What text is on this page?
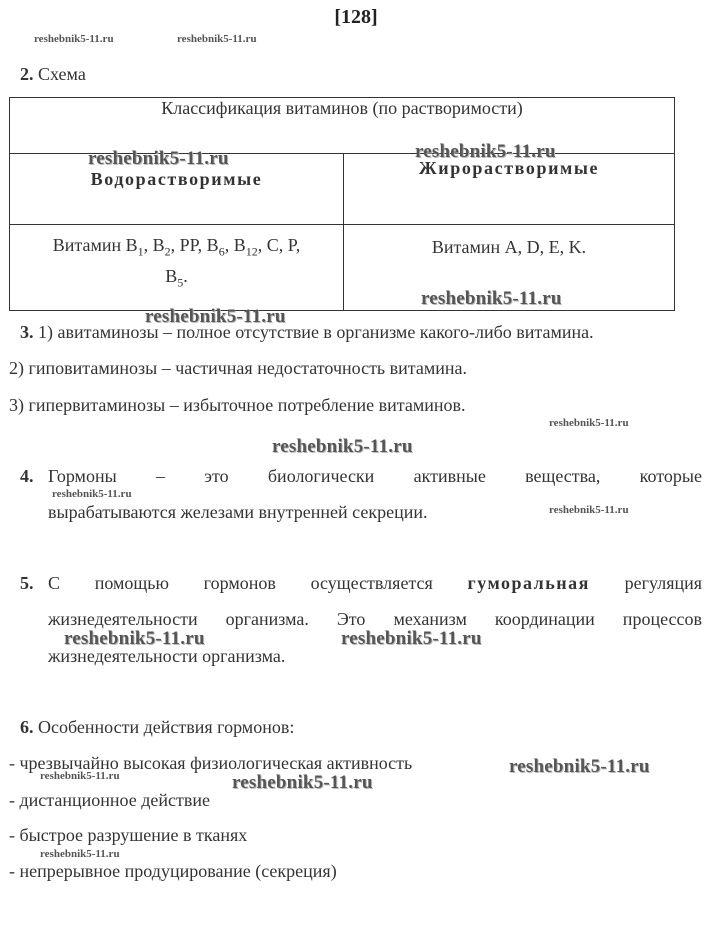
[128]
reshebnik5-11.ru	reshebnik5-11.ru
2. Схема
Классификация витаминов (по растворимости)	
Водорастворимые	Жирорастворимые
Витамин $B_1$, $B_2$, PP, $B_6$, $B_{12}$, C, P,
$B_5$.	Витамин A, D, E, K.
reshebnik5-11.ru	reshebnik5-11.ru
reshebnik5-11.ru
reshebnik5-11.ru
3. 1) авитаминозы – полное отсутствие в организме какого-либо витамина.
2) гиповитаминозы – частичная недостаточность витамина.
3) гипервитаминозы – избыточное потребление витаминов.
reshebnik5-11.ru
reshebnik5-11.ru
4. Гормоны – это биологически активные вещества, которые
reshebnik5-11.ru
вырабатываются железами внутренней секреции.	reshebnik5-11.ru
5. С помощью гормонов осуществляется гуморальная регуляция
жизнедеятельности организма. Это механизм координации процессов
reshebnik5-11.ru	reshebnik5-11.ru
жизнедеятельности организма.
6. Особенности действия гормонов:
- чрезвычайно высокая физиологическая активность	reshebnik5-11.ru
reshebnik5-11.ru	reshebnik5-11.ru
- дистанционное действие
- быстрое разрушение в тканях
reshebnik5-11.ru
- непрерывное продуцирование (секреция)
